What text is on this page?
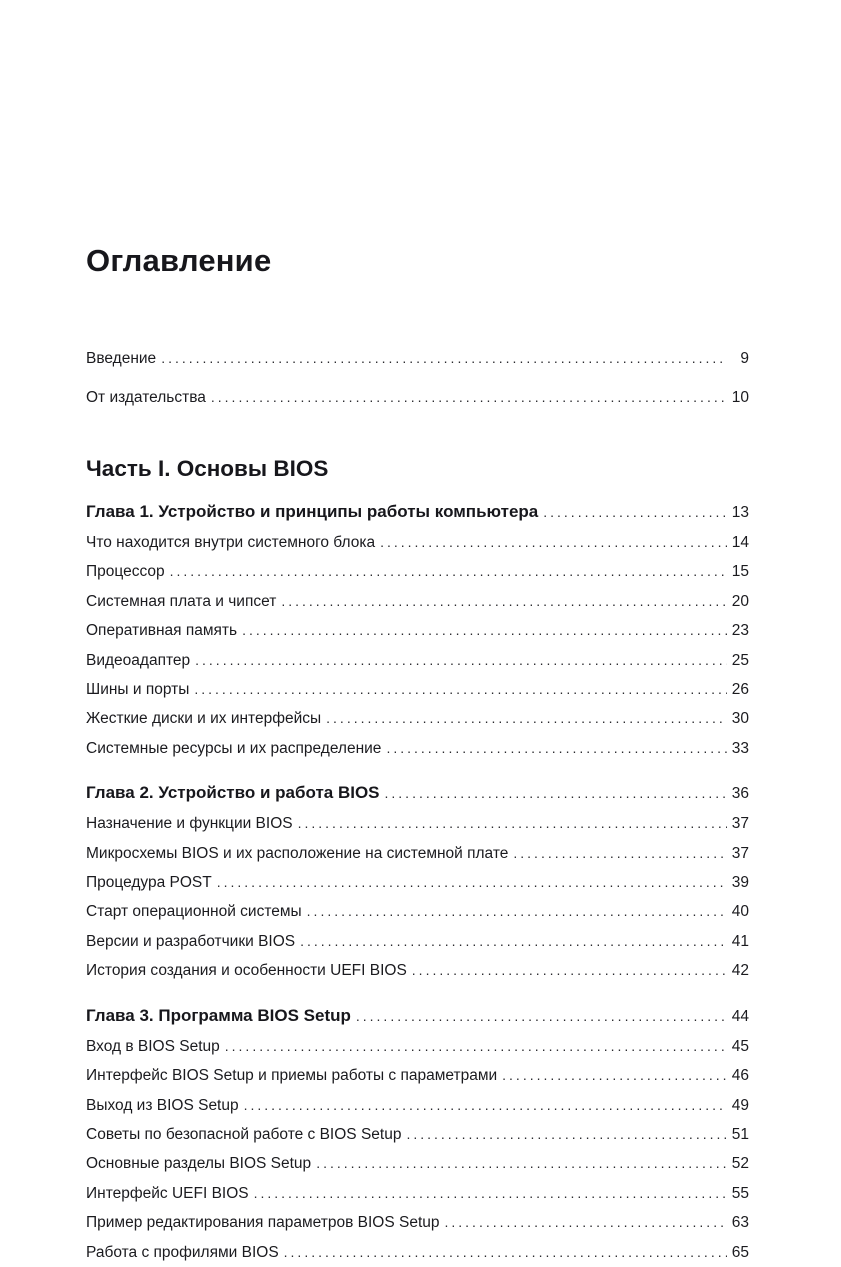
Оглавление
Введение .....	9
От издательства .....	10
Часть I. Основы BIOS
Глава 1. Устройство и принципы работы компьютера .....	13
Что находится внутри системного блока .....	14
Процессор .....	15
Системная плата и чипсет .....	20
Оперативная память .....	23
Видеоадаптер .....	25
Шины и порты .....	26
Жесткие диски и их интерфейсы .....	30
Системные ресурсы и их распределение .....	33
Глава 2. Устройство и работа BIOS .....	36
Назначение и функции BIOS .....	37
Микросхемы BIOS и их расположение на системной плате .....	37
Процедура POST .....	39
Старт операционной системы .....	40
Версии и разработчики BIOS .....	41
История создания и особенности UEFI BIOS .....	42
Глава 3. Программа BIOS Setup .....	44
Вход в BIOS Setup .....	45
Интерфейс BIOS Setup и приемы работы с параметрами .....	46
Выход из BIOS Setup .....	49
Советы по безопасной работе с BIOS Setup .....	51
Основные разделы BIOS Setup .....	52
Интерфейс UEFI BIOS .....	55
Пример редактирования параметров BIOS Setup .....	63
Работа с профилями BIOS .....	65
